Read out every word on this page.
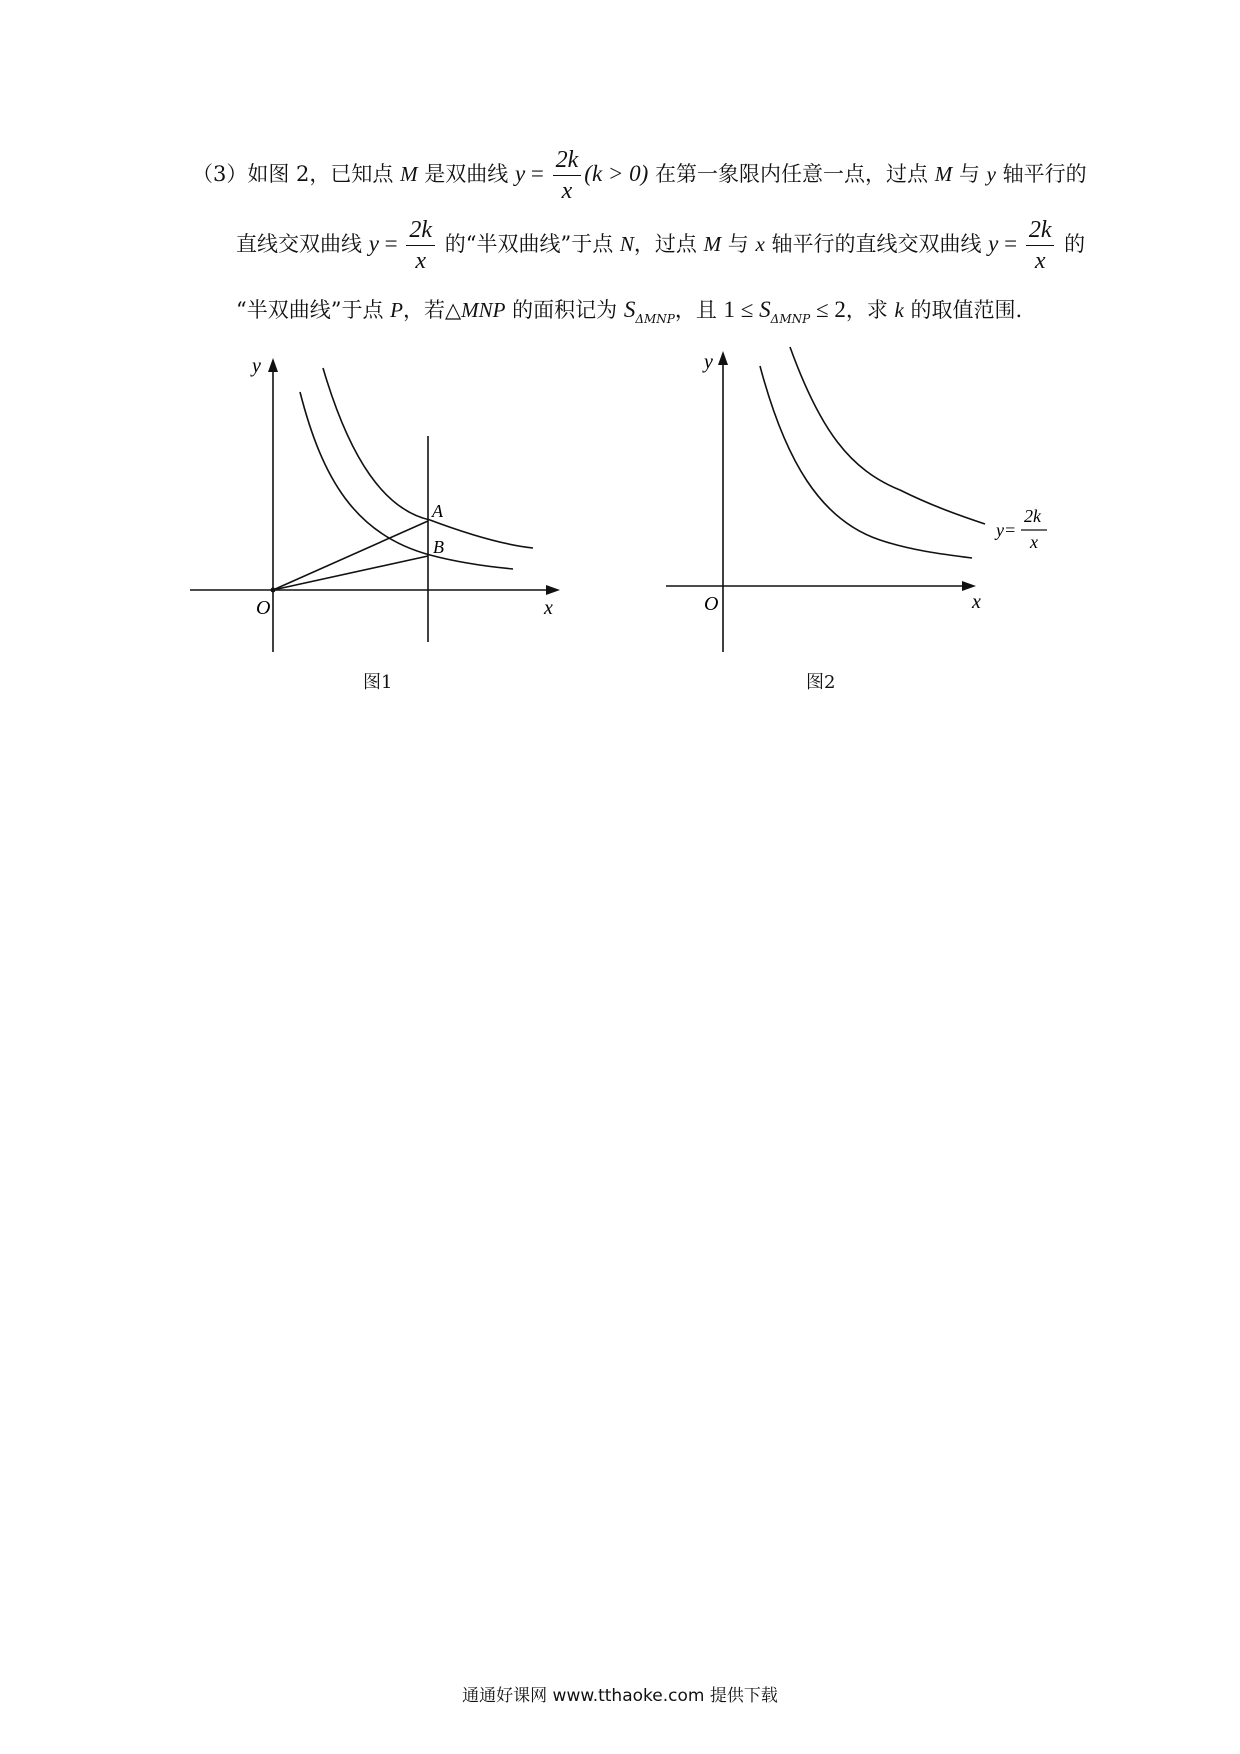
（3）如图 2，已知点 M 是双曲线 $y = \frac{2k}{x} (k > 0)$ 在第一象限内任意一点，过点 M 与 y 轴平行的
直线交双曲线 $y = \frac{2k}{x}$ 的“半双曲线”于点 N，过点 M 与 x 轴平行的直线交双曲线 $y = \frac{2k}{x}$ 的
“半双曲线”于点 P，若△MNP 的面积记为 $S_{\Delta MNP}$，且 $1 \le S_{\Delta MNP} \le 2$，求 k 的取值范围.
y
x
O
A
B
y
x
O
y=
2k
x
图1	图2
通通好课网 www.tthaoke.com 提供下载
